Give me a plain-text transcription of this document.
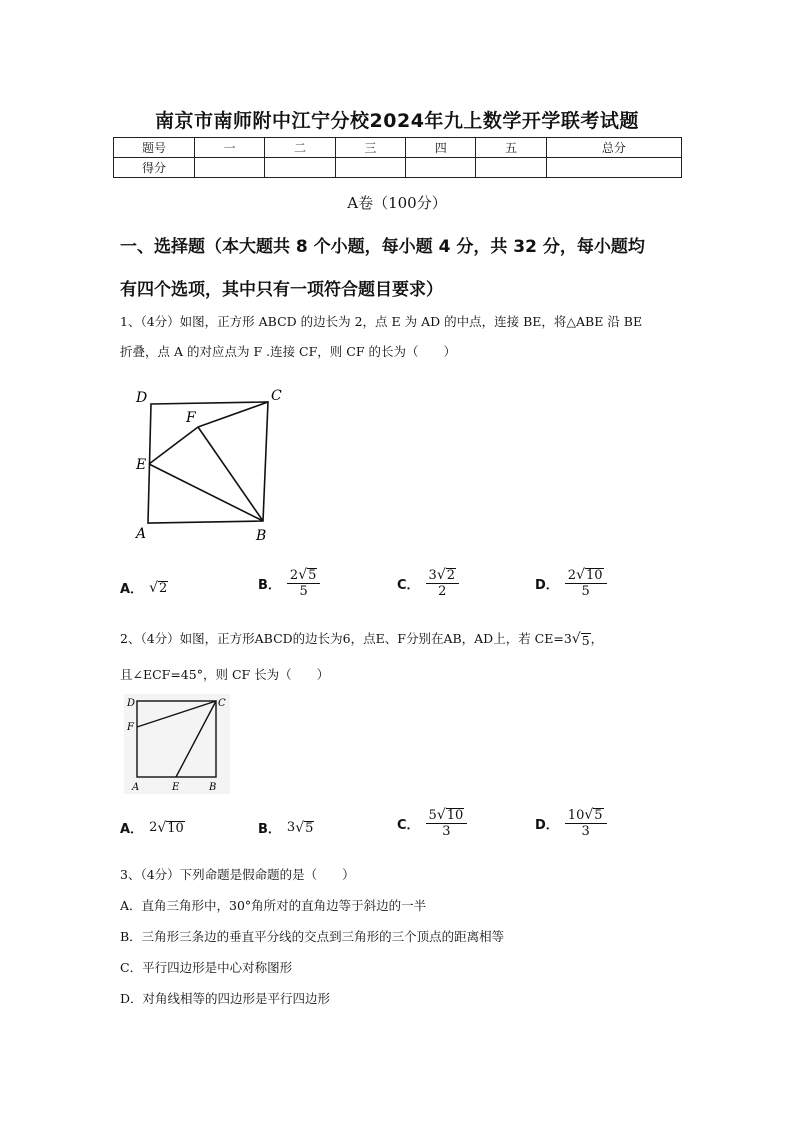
南京市南师附中江宁分校2024年九上数学开学联考试题
题号	一	二	三	四	五	总分
得分						
A卷（100分）
一、选择题（本大题共 8 个小题，每小题 4 分，共 32 分，每小题均
有四个选项，其中只有一项符合题目要求）
1、（4分）如图，正方形 ABCD 的边长为 2，点 E 为 AD 的中点，连接 BE，将△ABE 沿 BE
折叠，点 A 的对应点为 F .连接 CF，则 CF 的长为（　　）
D	C
F
E
A	B
A． √ 2	B． $\frac{2 √ 5}{5}$	C． $\frac{3 √ 2}{2}$	D． $\frac{2 √ 10}{5}$
2、（4分）如图，正方形ABCD的边长为6，点E、F分别在AB，AD上，若 CE=3 √ 5 ，
且∠ECF=45°，则 CF 长为（　　）
D	C
F
A	E	B
A． 2 √ 10	B． 3 √ 5	C． $\frac{5 √ 10}{3}$	D． $\frac{10 √ 5}{3}$
3、（4分）下列命题是假命题的是（　　）
A．直角三角形中，30°角所对的直角边等于斜边的一半
B．三角形三条边的垂直平分线的交点到三角形的三个顶点的距离相等
C．平行四边形是中心对称图形
D．对角线相等的四边形是平行四边形
